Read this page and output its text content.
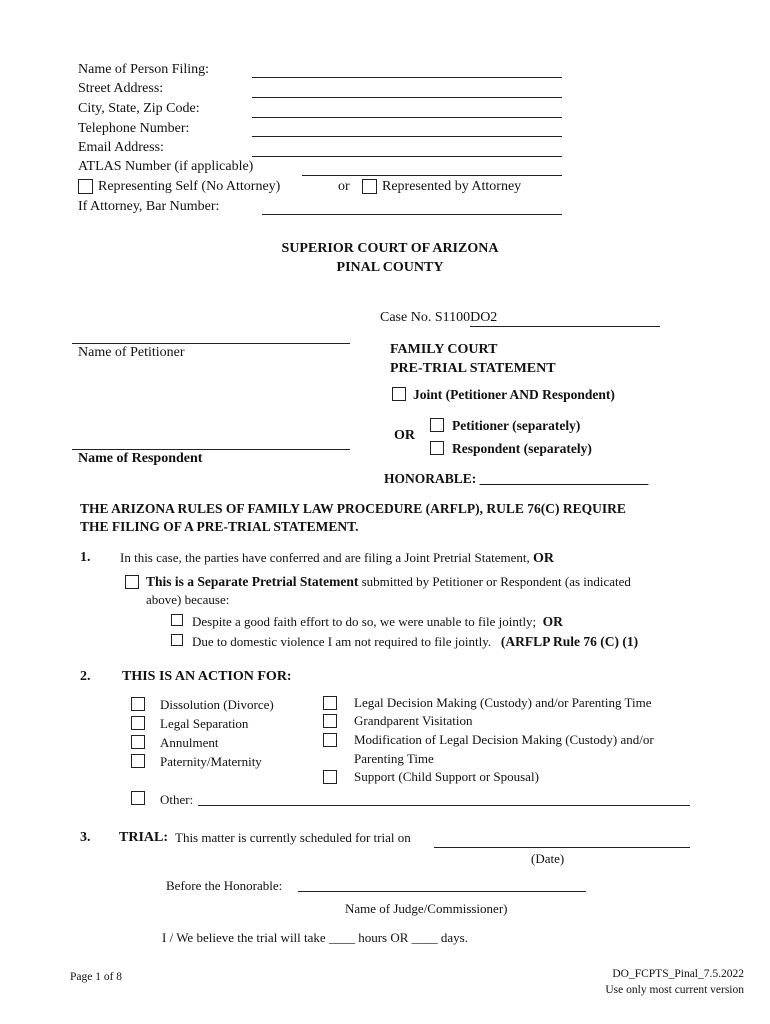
Name of Person Filing:
Street Address:
City, State, Zip Code:
Telephone Number:
Email Address:
ATLAS Number (if applicable)
Representing Self (No Attorney)	or Represented by Attorney
If Attorney, Bar Number:
SUPERIOR COURT OF ARIZONA
PINAL COUNTY
Case No. S1100DO2
Name of Petitioner	FAMILY COURT
PRE-TRIAL STATEMENT
Joint (Petitioner AND Respondent)
OR
Petitioner (separately)
Respondent (separately)
Name of Respondent
HONORABLE: _________________________
THE ARIZONA RULES OF FAMILY LAW PROCEDURE (ARFLP), RULE 76(C) REQUIRE
THE FILING OF A PRE-TRIAL STATEMENT.
1. In this case, the parties have conferred and are filing a Joint Pretrial Statement, OR
This is a Separate Pretrial Statement submitted by Petitioner or Respondent (as indicated
above) because:
Despite a good faith effort to do so, we were unable to file jointly; OR
Due to domestic violence I am not required to file jointly. (ARFLP Rule 76 (C) (1)
2. THIS IS AN ACTION FOR:
Dissolution (Divorce)
Legal Separation
Annulment
Paternity/Maternity
Legal Decision Making (Custody) and/or Parenting Time
Grandparent Visitation
Modification of Legal Decision Making (Custody) and/or
Parenting Time
Support (Child Support or Spousal)
Other:
3. TRIAL: This matter is currently scheduled for trial on
(Date)
Before the Honorable:
Name of Judge/Commissioner)
I / We believe the trial will take ____ hours OR ____ days.
Page 1 of 8	DO_FCPTS_Pinal_7.5.2022
Use only most current version
